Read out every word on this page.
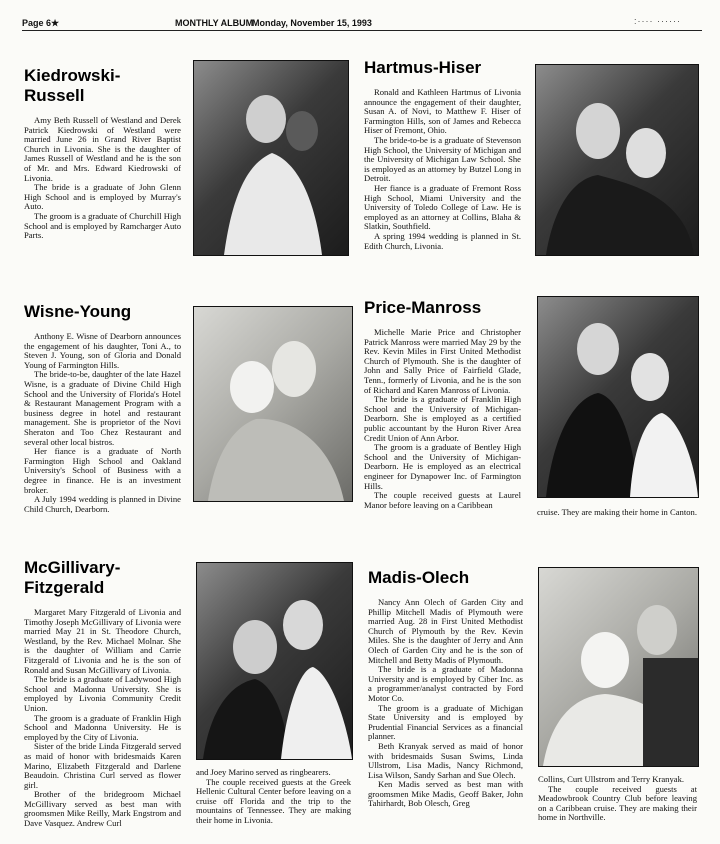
Page 6★	MONTHLY ALBUM
Monday, November 15, 1993	:···· ······
Kiedrowski-
Russell

Amy Beth Russell of Westland and Derek Patrick Kiedrowski of Westland were married June 26 in Grand River Baptist Church in Livonia. She is the daughter of James Russell of Westland and he is the son of Mr. and Mrs. Edward Kiedrowski of Livonia.

The bride is a graduate of John Glenn High School and is employed by Murray's Auto.

The groom is a graduate of Churchill High School and is employed by Ramcharger Auto Parts.

Hartmus-Hiser

Ronald and Kathleen Hartmus of Livonia announce the engagement of their daughter, Susan A. of Novi, to Matthew F. Hiser of Farmington Hills, son of James and Rebecca Hiser of Fremont, Ohio.

The bride-to-be is a graduate of Stevenson High School, the University of Michigan and the University of Michigan Law School. She is employed as an attorney by Butzel Long in Detroit.

Her fiance is a graduate of Fremont Ross High School, Miami University and the University of Toledo College of Law. He is employed as an attorney at Collins, Blaha & Slatkin, Southfield.

A spring 1994 wedding is planned in St. Edith Church, Livonia.

Wisne-Young

Anthony E. Wisne of Dearborn announces the engagement of his daughter, Toni A., to Steven J. Young, son of Gloria and Donald Young of Farmington Hills.

The bride-to-be, daughter of the late Hazel Wisne, is a graduate of Divine Child High School and the University of Florida's Hotel & Restaurant Management Program with a business degree in hotel and restaurant management. She is proprietor of the Novi Sheraton and Too Chez Restaurant and several other local bistros.

Her fiance is a graduate of North Farmington High School and Oakland University's School of Business with a degree in finance. He is an investment broker.

A July 1994 wedding is planned in Divine Child Church, Dearborn.

Price-Manross

Michelle Marie Price and Christopher Patrick Manross were married May 29 by the Rev. Kevin Miles in First United Methodist Church of Plymouth. She is the daughter of John and Sally Price of Fairfield Glade, Tenn., formerly of Livonia, and he is the son of Richard and Karen Manross of Livonia.

The bride is a graduate of Franklin High School and the University of Michigan-Dearborn. She is employed as a certified public accountant by the Huron River Area Credit Union of Ann Arbor.

The groom is a graduate of Bentley High School and the University of Michigan-Dearborn. He is employed as an electrical engineer for Dynapower Inc. of Farmington Hills.

The couple received guests at Laurel Manor before leaving on a Caribbean

cruise. They are making their home in Canton.

McGillivary-
Fitzgerald

Margaret Mary Fitzgerald of Livonia and Timothy Joseph McGillivary of Livonia were married May 21 in St. Theodore Church, Westland, by the Rev. Michael Molnar. She is the daughter of William and Carrie Fitzgerald of Livonia and he is the son of Ronald and Susan McGillivary of Livonia.

The bride is a graduate of Ladywood High School and Madonna University. She is employed by Livonia Community Credit Union.

The groom is a graduate of Franklin High School and Madonna University. He is employed by the City of Livonia.

Sister of the bride Linda Fitzgerald served as maid of honor with bridesmaids Karen Marino, Elizabeth Fitzgerald and Darlene Beaudoin. Christina Curl served as flower girl.

Brother of the bridegroom Michael McGillivary served as best man with groomsmen Mike Reilly, Mark Engstrom and Dave Vasquez. Andrew Curl

and Joey Marino served as ringbearers.

The couple received guests at the Greek Hellenic Cultural Center before leaving on a cruise off Florida and the trip to the mountains of Tennessee. They are making their home in Livonia.

Madis-Olech

Nancy Ann Olech of Garden City and Phillip Mitchell Madis of Plymouth were married Aug. 28 in First United Methodist Church of Plymouth by the Rev. Kevin Miles. She is the daughter of Jerry and Ann Olech of Garden City and he is the son of Mitchell and Betty Madis of Plymouth.

The bride is a graduate of Madonna University and is employed by Ciber Inc. as a programmer/analyst contracted by Ford Motor Co.

The groom is a graduate of Michigan State University and is employed by Prudential Financial Services as a financial planner.

Beth Kranyak served as maid of honor with bridesmaids Susan Swims, Linda Ullstrom, Lisa Madis, Nancy Richmond, Lisa Wilson, Sandy Sarhan and Sue Olech.

Ken Madis served as best man with groomsmen Mike Madis, Geoff Baker, John Tahirhardt, Bob Olesch, Greg

Collins, Curt Ullstrom and Terry Kranyak.

The couple received guests at Meadowbrook Country Club before leaving on a Caribbean cruise. They are making their home in Northville.
